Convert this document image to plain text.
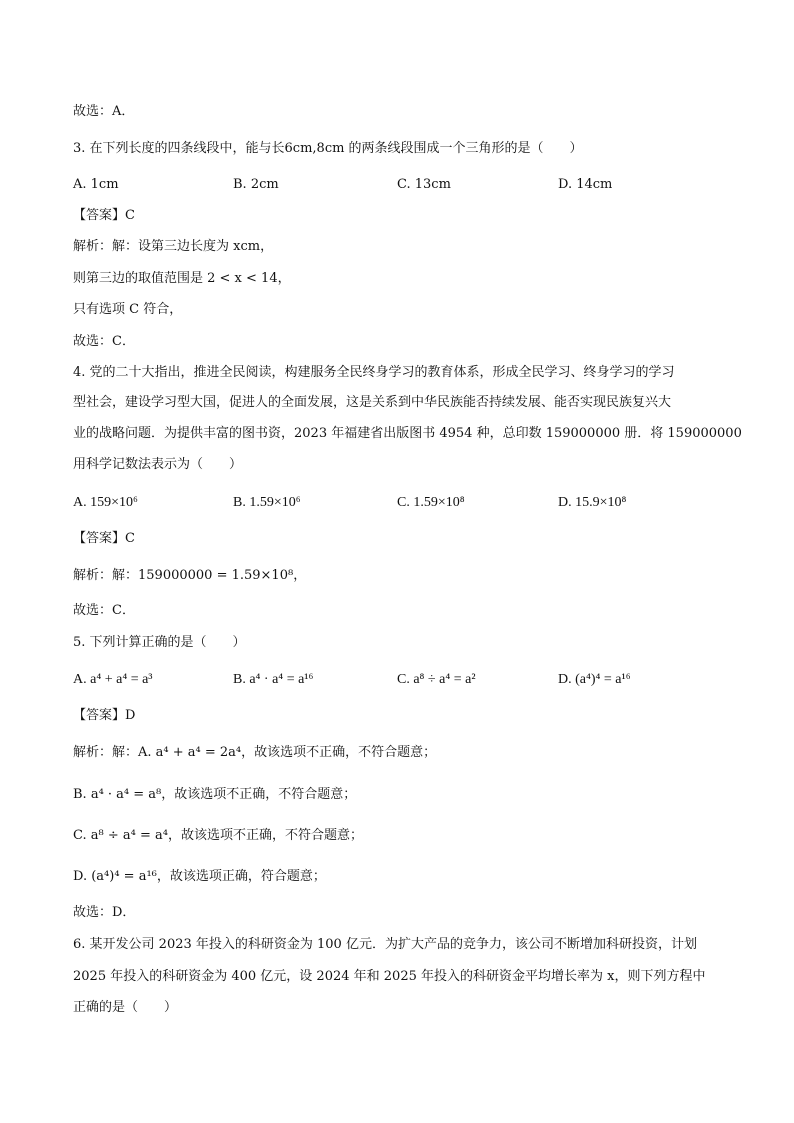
故选：A．
3. 在下列长度的四条线段中，能与长6cm,8cm 的两条线段围成一个三角形的是（　　）
A. 1cm	B. 2cm	C. 13cm	D. 14cm
【答案】C
解析：解：设第三边长度为 xcm，
则第三边的取值范围是 2 < x < 14，
只有选项 C 符合，
故选：C．
4. 党的二十大指出，推进全民阅读，构建服务全民终身学习的教育体系，形成全民学习、终身学习的学习
型社会，建设学习型大国，促进人的全面发展，这是关系到中华民族能否持续发展、能否实现民族复兴大
业的战略问题．为提供丰富的图书资，2023 年福建省出版图书 4954 种，总印数 159000000 册．将 159000000
用科学记数法表示为（　　）
A. 159×10⁶	B. 1.59×10⁶	C. 1.59×10⁸	D. 15.9×10⁸
【答案】C
解析：解：159000000 = 1.59×10⁸，
故选：C．
5. 下列计算正确的是（　　）
A. a⁴ + a⁴ = a³	B. a⁴ · a⁴ = a¹⁶	C. a⁸ ÷ a⁴ = a²	D. (a⁴)⁴ = a¹⁶
【答案】D
解析：解：A. a⁴ + a⁴ = 2a⁴，故该选项不正确，不符合题意；
B. a⁴ · a⁴ = a⁸，故该选项不正确，不符合题意；
C. a⁸ ÷ a⁴ = a⁴，故该选项不正确，不符合题意；
D. (a⁴)⁴ = a¹⁶，故该选项正确，符合题意；
故选：D．
6. 某开发公司 2023 年投入的科研资金为 100 亿元．为扩大产品的竞争力，该公司不断增加科研投资，计划
2025 年投入的科研资金为 400 亿元，设 2024 年和 2025 年投入的科研资金平均增长率为 x，则下列方程中
正确的是（　　）
